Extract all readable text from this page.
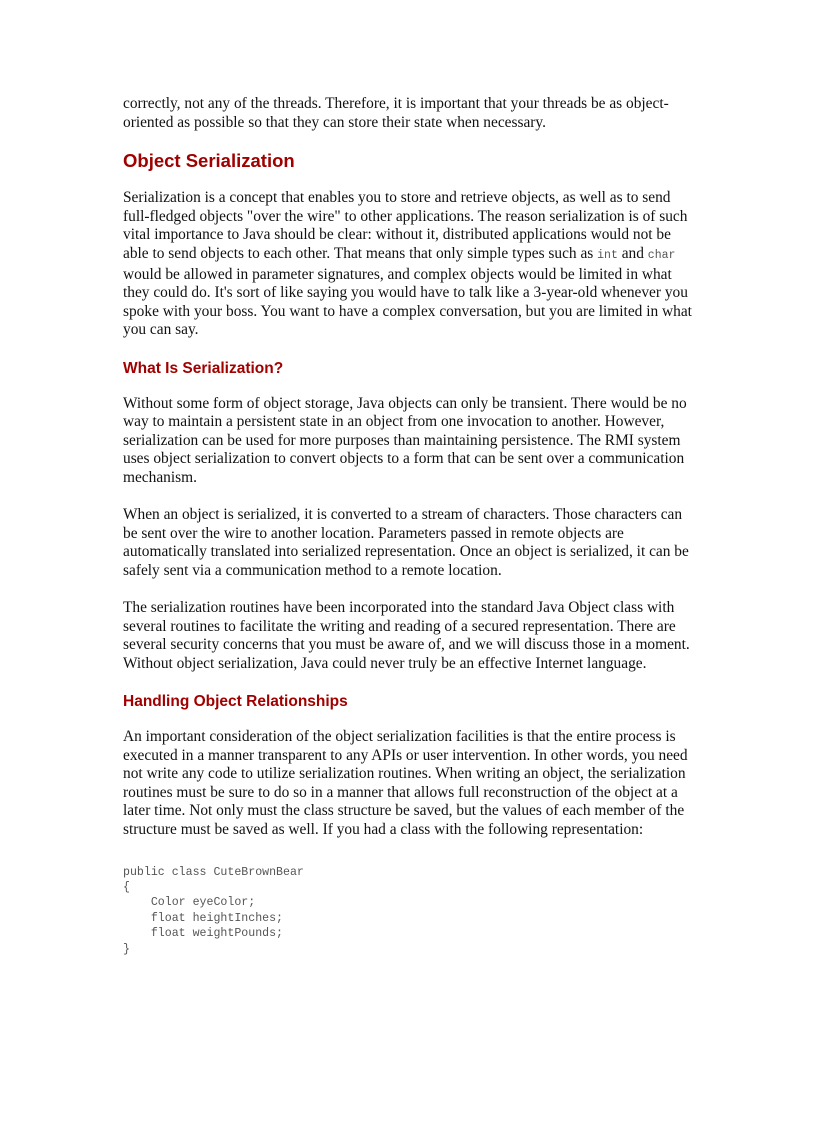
correctly, not any of the threads. Therefore, it is important that your threads be as object-oriented as possible so that they can store their state when necessary.

Object Serialization

Serialization is a concept that enables you to store and retrieve objects, as well as to send full-fledged objects "over the wire" to other applications. The reason serialization is of such vital importance to Java should be clear: without it, distributed applications would not be able to send objects to each other. That means that only simple types such as int and char would be allowed in parameter signatures, and complex objects would be limited in what they could do. It's sort of like saying you would have to talk like a 3-year-old whenever you spoke with your boss. You want to have a complex conversation, but you are limited in what you can say.

What Is Serialization?

Without some form of object storage, Java objects can only be transient. There would be no way to maintain a persistent state in an object from one invocation to another. However, serialization can be used for more purposes than maintaining persistence. The RMI system uses object serialization to convert objects to a form that can be sent over a communication mechanism.

When an object is serialized, it is converted to a stream of characters. Those characters can be sent over the wire to another location. Parameters passed in remote objects are automatically translated into serialized representation. Once an object is serialized, it can be safely sent via a communication method to a remote location.

The serialization routines have been incorporated into the standard Java Object class with several routines to facilitate the writing and reading of a secured representation. There are several security concerns that you must be aware of, and we will discuss those in a moment. Without object serialization, Java could never truly be an effective Internet language.

Handling Object Relationships

An important consideration of the object serialization facilities is that the entire process is executed in a manner transparent to any APIs or user intervention. In other words, you need not write any code to utilize serialization routines. When writing an object, the serialization routines must be sure to do so in a manner that allows full reconstruction of the object at a later time. Not only must the class structure be saved, but the values of each member of the structure must be saved as well. If you had a class with the following representation:

public class CuteBrownBear
{
Color eyeColor;
float heightInches;
float weightPounds;
}
